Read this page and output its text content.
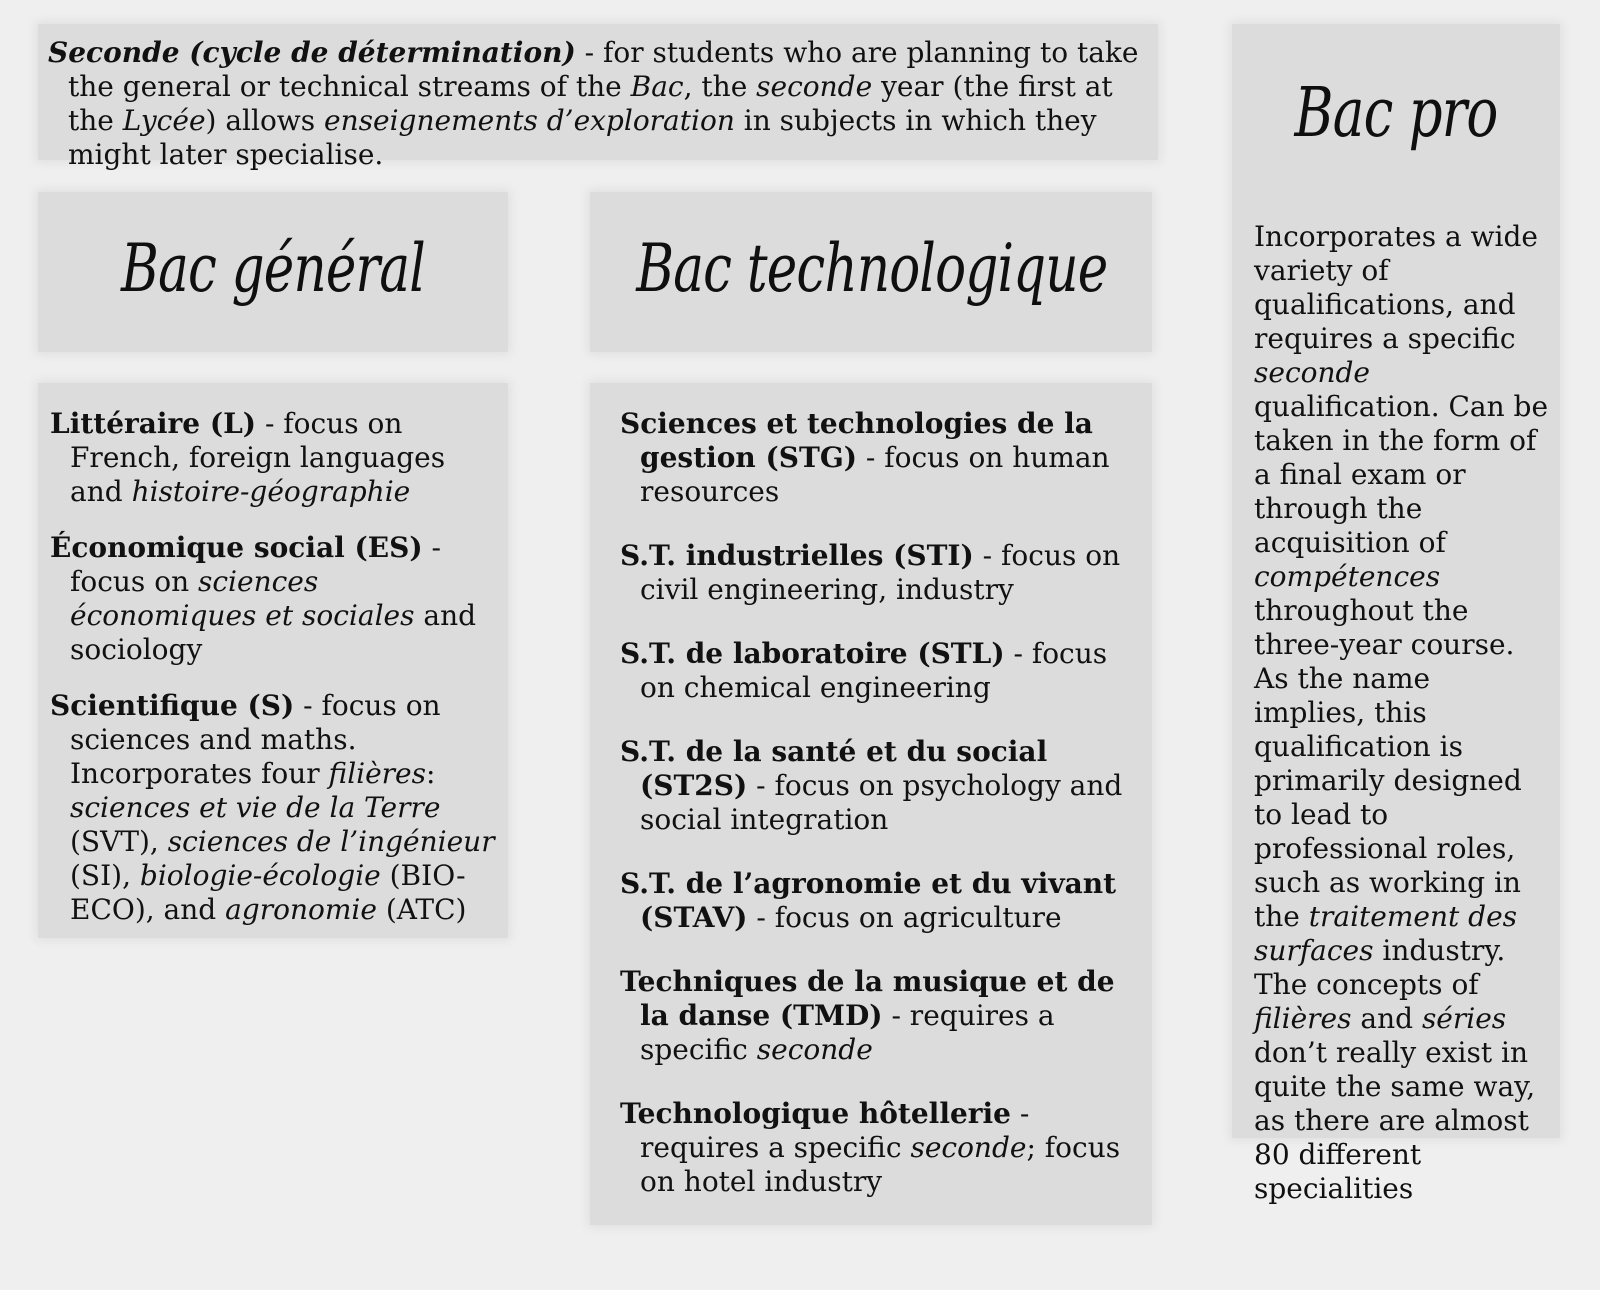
Seconde (cycle de détermination) - for students who are planning to take the general or technical streams of the Bac, the seconde year (the first at the Lycée) allows enseignements d’exploration in subjects in which they might later specialise.

Bac général	Bac technologique

Littéraire (L) - focus on French, foreign languages and histoire-géographie

Économique social (ES) - focus on sciences économiques et sociales and sociology

Scientifique (S) - focus on sciences and maths. Incorporates four filières: sciences et vie de la Terre (SVT), sciences de l’ingénieur (SI), biologie-écologie (BIO-ECO), and agronomie (ATC)

Sciences et technologies de la gestion (STG) - focus on human resources

S.T. industrielles (STI) - focus on civil engineering, industry

S.T. de laboratoire (STL) - focus on chemical engineering

S.T. de la santé et du social (ST2S) - focus on psychology and social integration

S.T. de l’agronomie et du vivant (STAV) - focus on agriculture

Techniques de la musique et de la danse (TMD) - requires a specific seconde

Technologique hôtellerie - requires a specific seconde; focus on hotel industry

Bac pro

Incorporates a wide variety of qualifications, and requires a specific seconde qualification. Can be taken in the form of a final exam or through the acquisition of compétences throughout the three-year course. As the name implies, this qualification is primarily designed to lead to professional roles, such as working in the traitement des surfaces industry. The concepts of filières and séries don’t really exist in quite the same way, as there are almost 80 different specialities
